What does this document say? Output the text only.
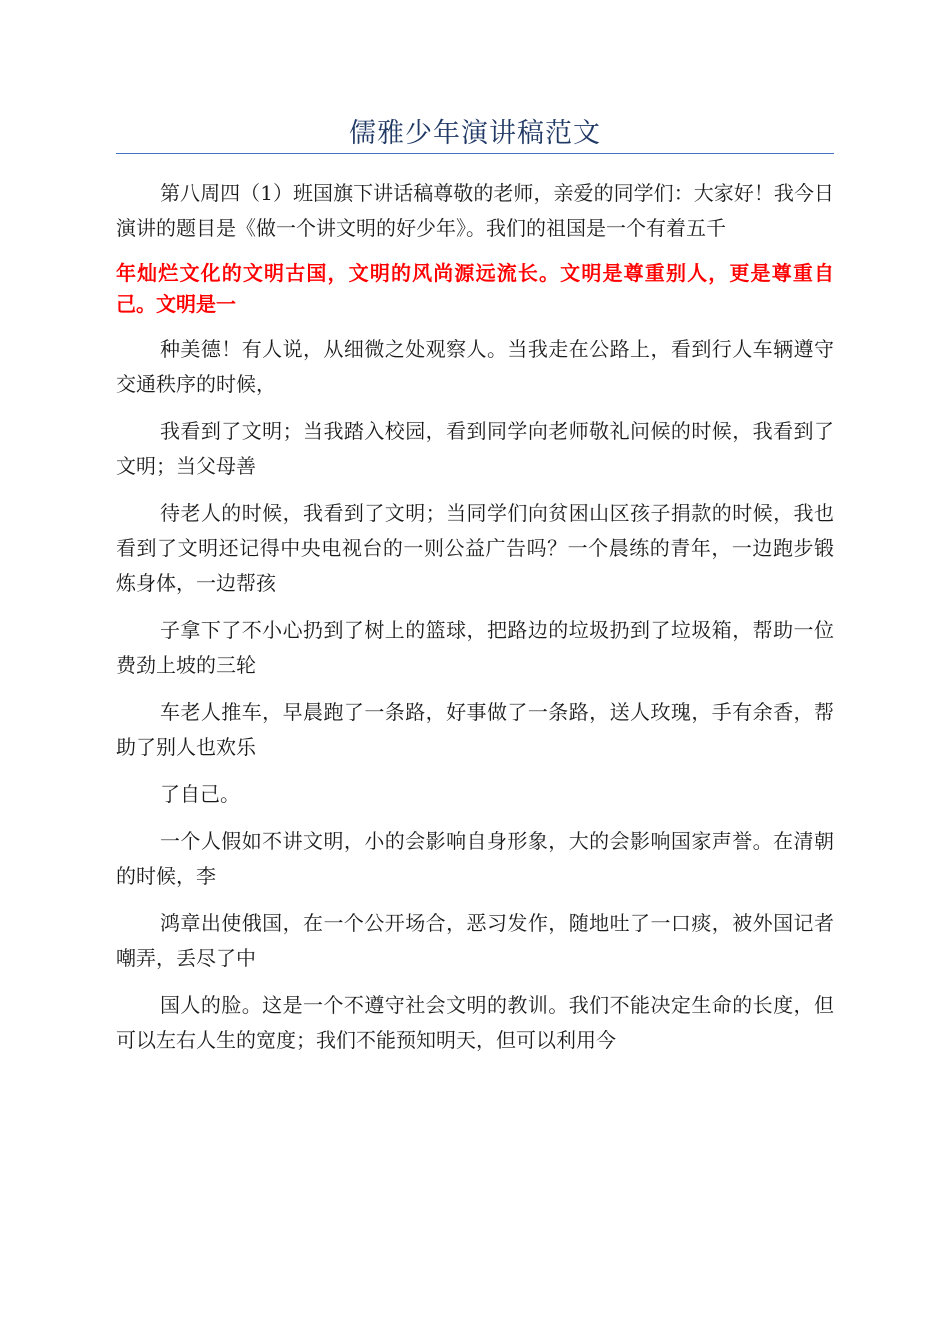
儒雅少年演讲稿范文

第八周四（1）班国旗下讲话稿尊敬的老师，亲爱的同学们：大家好！我今日演讲的题目是《做一个讲文明的好少年》。我们的祖国是一个有着五千

年灿烂文化的文明古国，文明的风尚源远流长。文明是尊重别人，更是尊重自己。文明是一

种美德！有人说，从细微之处观察人。当我走在公路上，看到行人车辆遵守交通秩序的时候，

我看到了文明；当我踏入校园，看到同学向老师敬礼问候的时候，我看到了文明；当父母善

待老人的时候，我看到了文明；当同学们向贫困山区孩子捐款的时候，我也看到了文明还记得中央电视台的一则公益广告吗？一个晨练的青年，一边跑步锻炼身体，一边帮孩

子拿下了不小心扔到了树上的篮球，把路边的垃圾扔到了垃圾箱，帮助一位费劲上坡的三轮

车老人推车，早晨跑了一条路，好事做了一条路，送人玫瑰，手有余香，帮助了别人也欢乐

了自己。

一个人假如不讲文明，小的会影响自身形象，大的会影响国家声誉。在清朝的时候，李

鸿章出使俄国，在一个公开场合，恶习发作，随地吐了一口痰，被外国记者嘲弄，丢尽了中

国人的脸。这是一个不遵守社会文明的教训。我们不能决定生命的长度，但可以左右人生的宽度；我们不能预知明天，但可以利用今
